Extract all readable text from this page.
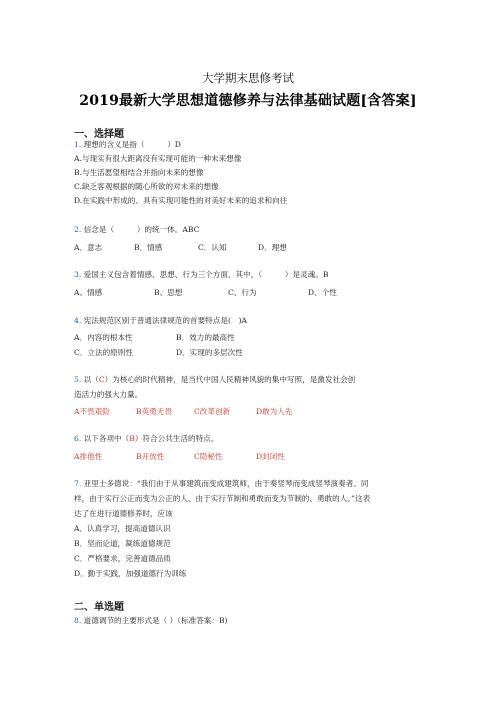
大学期末思修考试
2019最新大学思想道德修养与法律基础试题[含答案]
一、选择题
1. 理想的含义是指（　　　）D
A.与现实有很大距离没有实现可能的一种未来想像
B.与生活愿望相结合并指向未来的想像
C.缺乏客观根据的随心所欲的对未来的想像
D.在实践中形成的、具有实现可能性的对美好未来的追求和向往
2. 信念是（　　　）的统一体。ABC
A．意志	B．情感	C．认知	D．理想
3. 爱国主义包含着情感、思想、行为三个方面，其中，（　　　）是灵魂。B
A、情感	B、思想	C、行为	D、个性
4. 宪法规范区别于普通法律规范的首要特点是(　)A
A．内容的根本性	B．效力的最高性
C．立法的原则性	D．实现的多层次性
5. 以（C）为核心的时代精神，是当代中国人民精神风貌的集中写照，是激发社会创
造活力的强大力量。
A不畏艰险	B英勇无畏	C改革创新	D敢为人先
6. 以下各项中（B）符合公共生活的特点。
A排他性	B开放性	C隐秘性	D封闭性
7. 亚里士多德说：“我们由于从事建筑而变成建筑师，由于奏竖琴而变成竖琴演奏者。同
样，由于实行公正而变为公正的人，由于实行节制和勇敢而变为节制的、勇敢的人。”这表
达了在进行道德修养时，应该
A．认真学习，提高道德认识
B．坚而论道，凝练道德规范
C．严格要求，完善道德品质
D．勤于实践，加强道德行为训练
二、单选题
8. 道德调节的主要形式是（ ）（标准答案：B)
